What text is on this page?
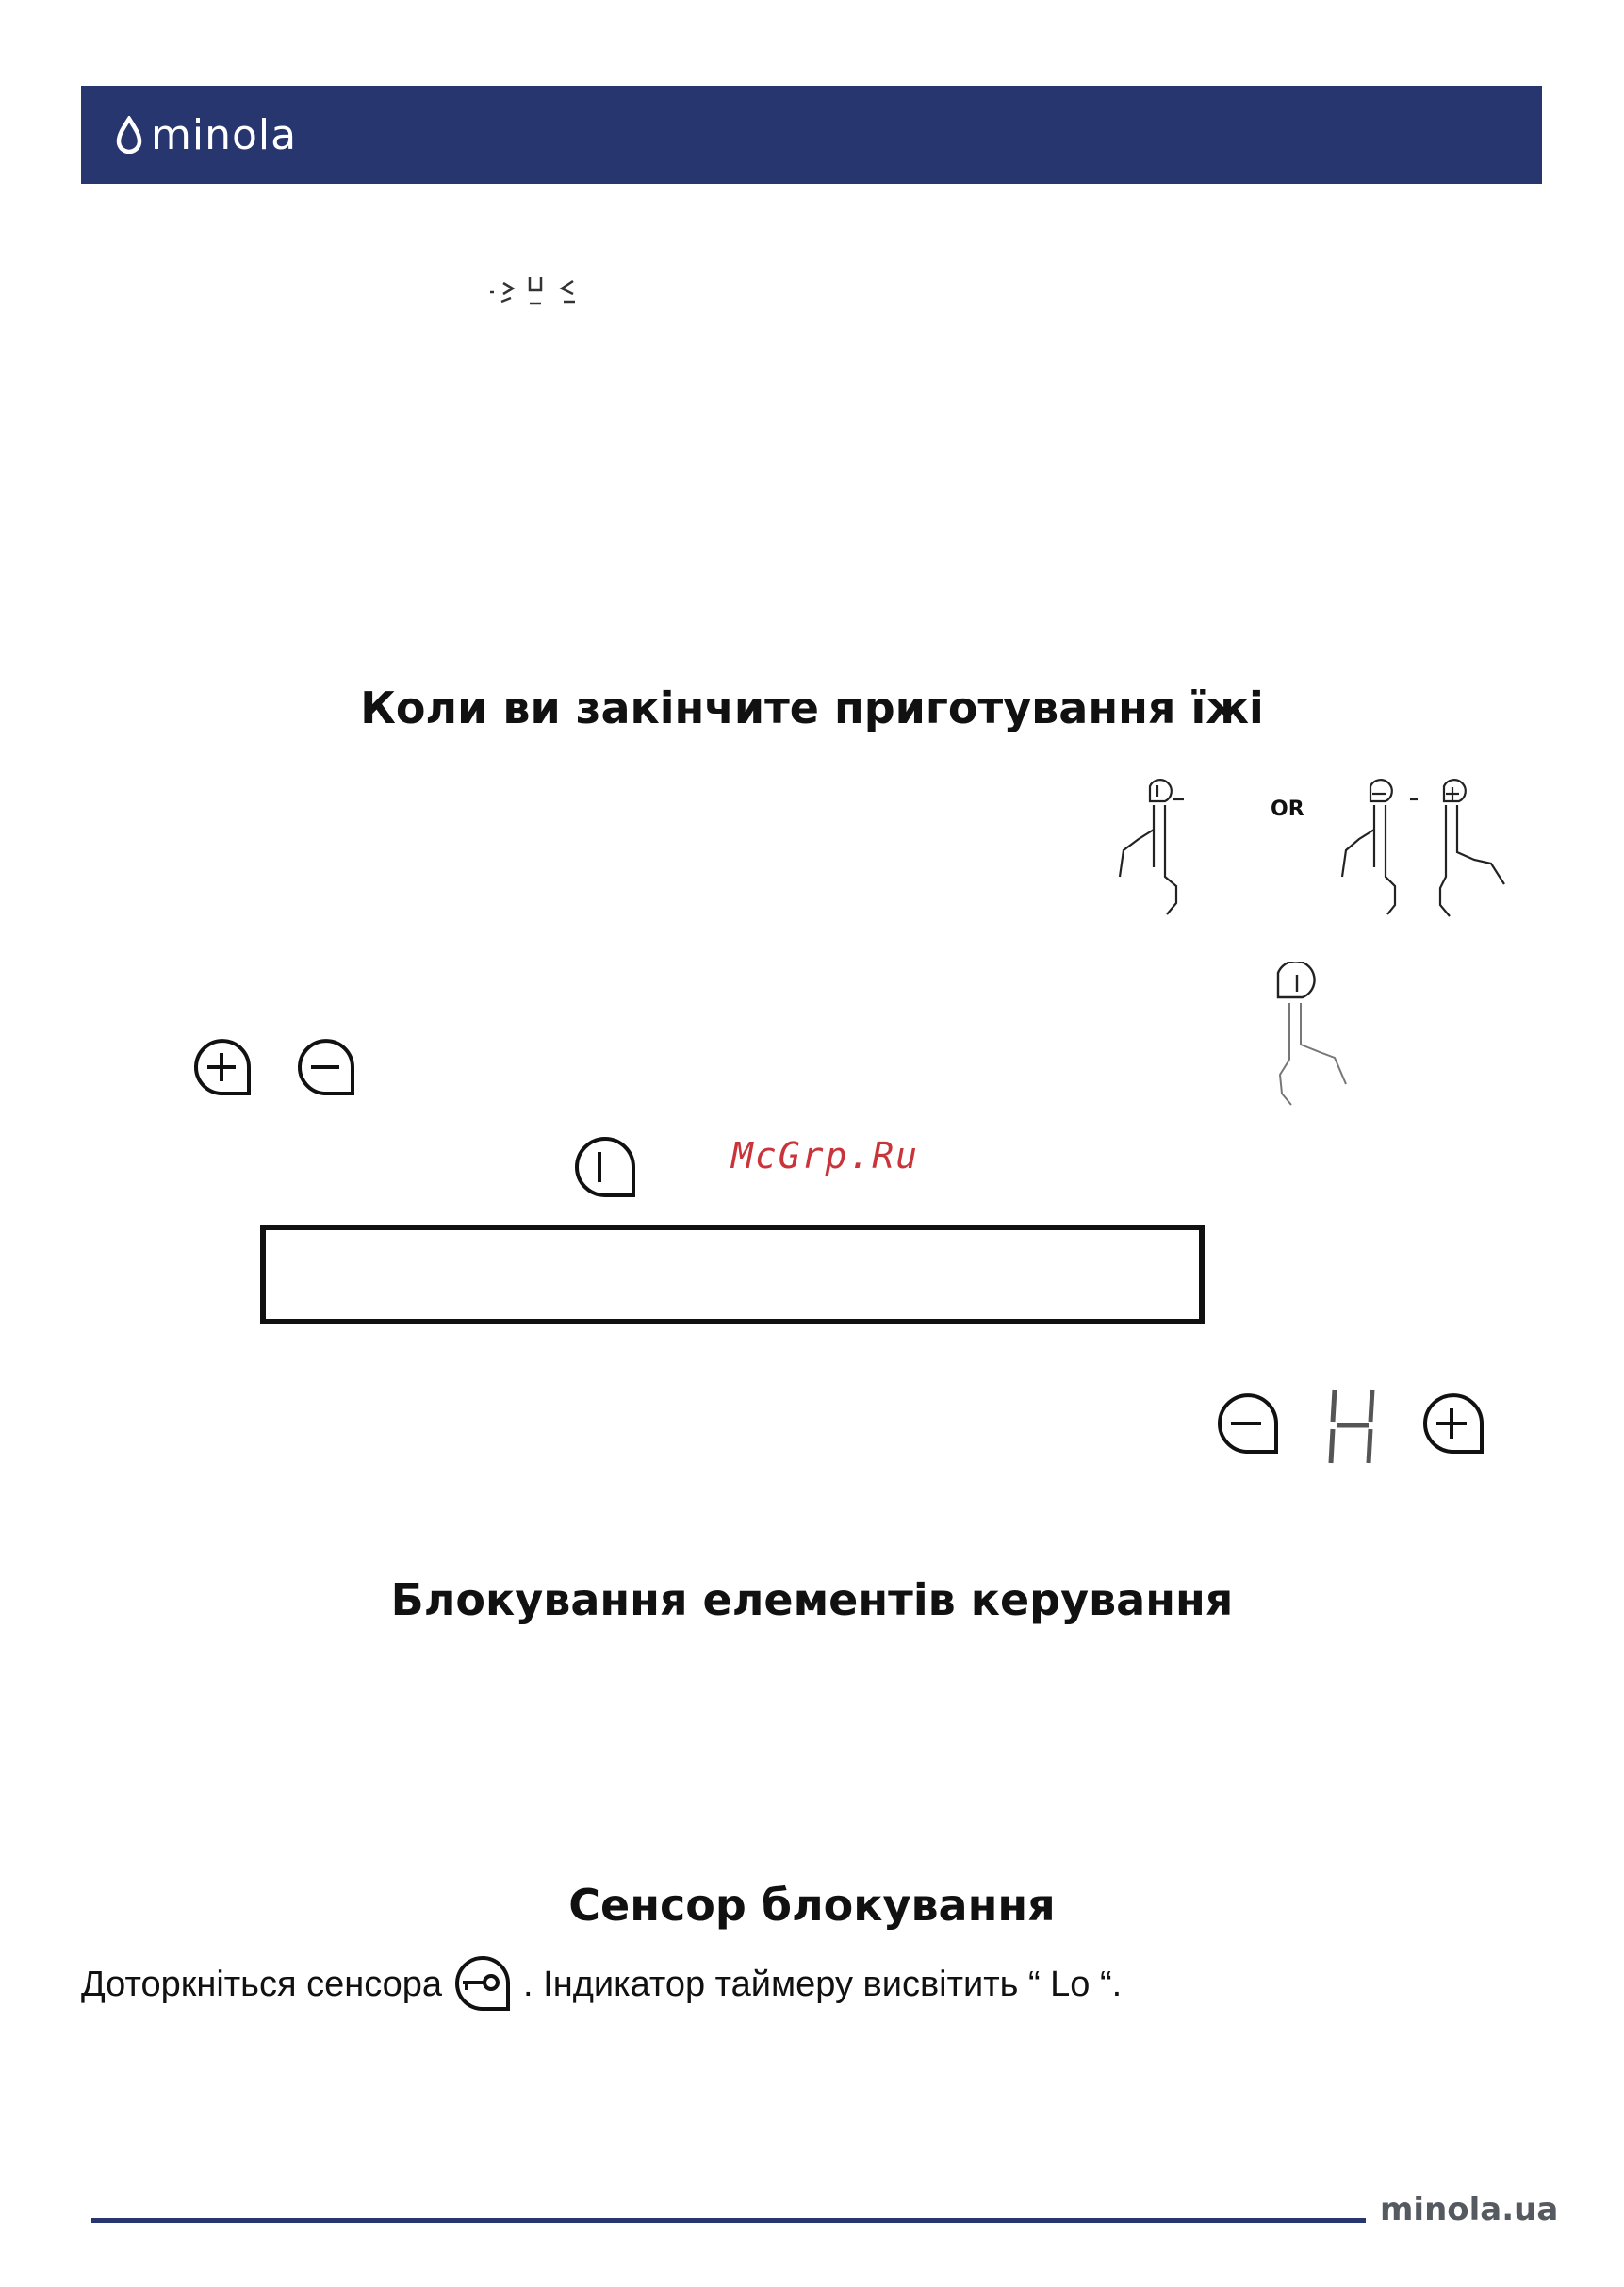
minola
Коли ви закінчите приготування їжі
OR
McGrp.Ru
Блокування елементів керування
Сенсор блокування
Доторкніться сенсора . Індикатор таймеру висвітить “ Lo “.
minola.ua
